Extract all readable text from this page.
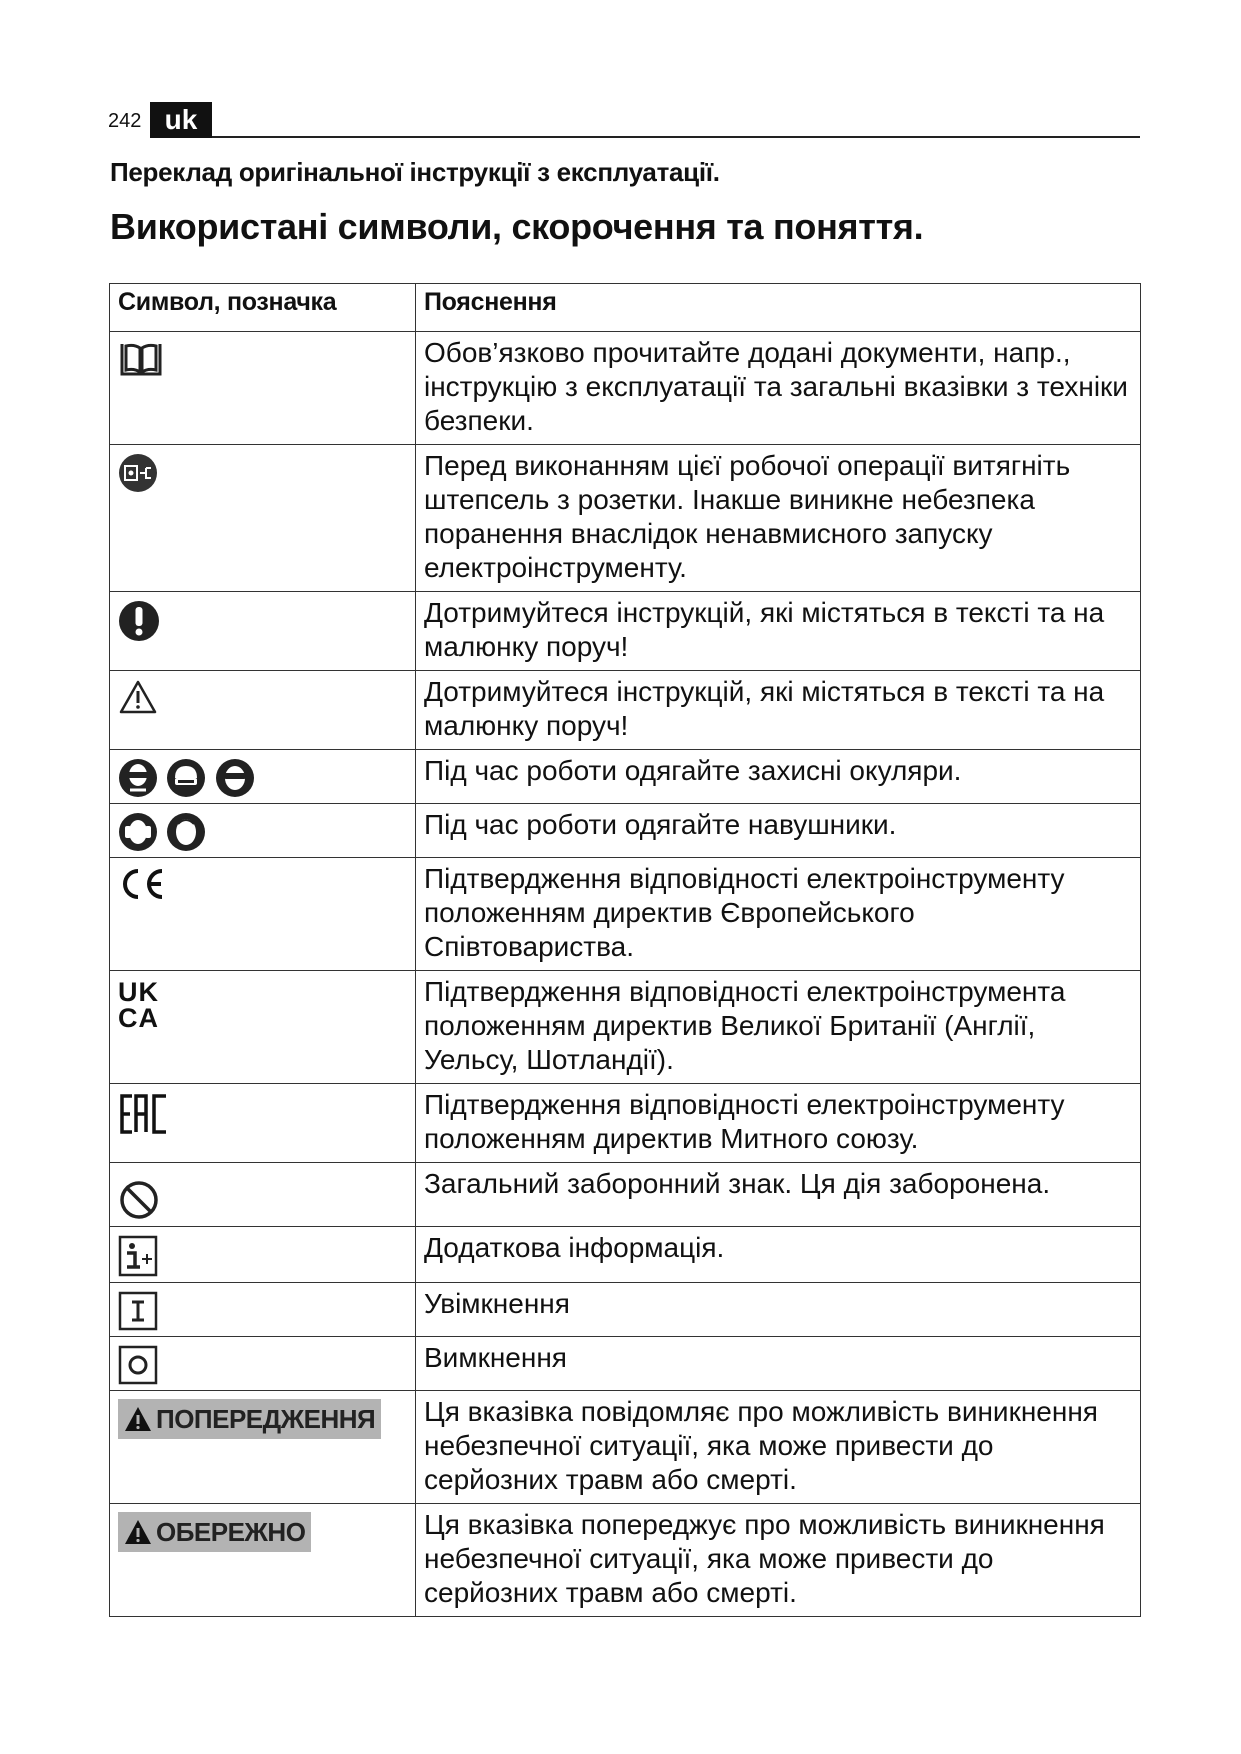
242 uk
Переклад оригінальної інструкції з експлуатації.
Використані символи, скорочення та поняття.
Символ, позначка	Пояснення
	Обов’язково прочитайте додані документи, напр., інструкцію з експлуатації та загальні вказівки з техніки безпеки.
	Перед виконанням цієї робочої операції витягніть штепсель з розетки. Інакше виникне небезпека поранення внаслідок ненавмисного запуску електроінструменту.
	Дотримуйтеся інструкцій, які містяться в тексті та на малюнку поруч!
	Дотримуйтеся інструкцій, які містяться в тексті та на малюнку поруч!
	Під час роботи одягайте захисні окуляри.
	Під час роботи одягайте навушники.
	Підтвердження відповідності електроінструменту положенням директив Європейського Співтовариства.

UK
CA	Підтвердження відповідності електроінструмента положенням директив Великої Британії (Англії, Уельсу, Шотландії).
	Підтвердження відповідності електроінструменту положенням директив Митного союзу.
	Загальний заборонний знак. Ця дія заборонена.
	Додаткова інформація.
	Увімкнення
	Вимкнення

ПОПЕРЕДЖЕННЯ	Ця вказівка повідомляє про можливість виникнення небезпечної ситуації, яка може привести до серйозних травм або смерті.

ОБЕРЕЖНО	Ця вказівка попереджує про можливість виникнення небезпечної ситуації, яка може привести до серйозних травм або смерті.
